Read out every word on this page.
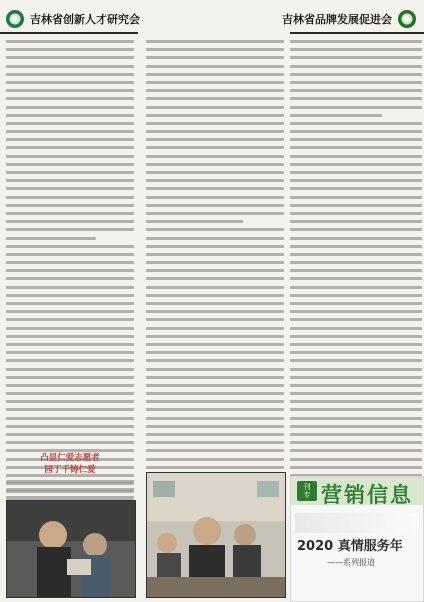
吉林省创新人才研究会	吉林省品牌发展促进会
凸显仁爱志愿者
园丁千铸仁爱
刊
专 营销信息
2020 真情服务年
——系列报道
